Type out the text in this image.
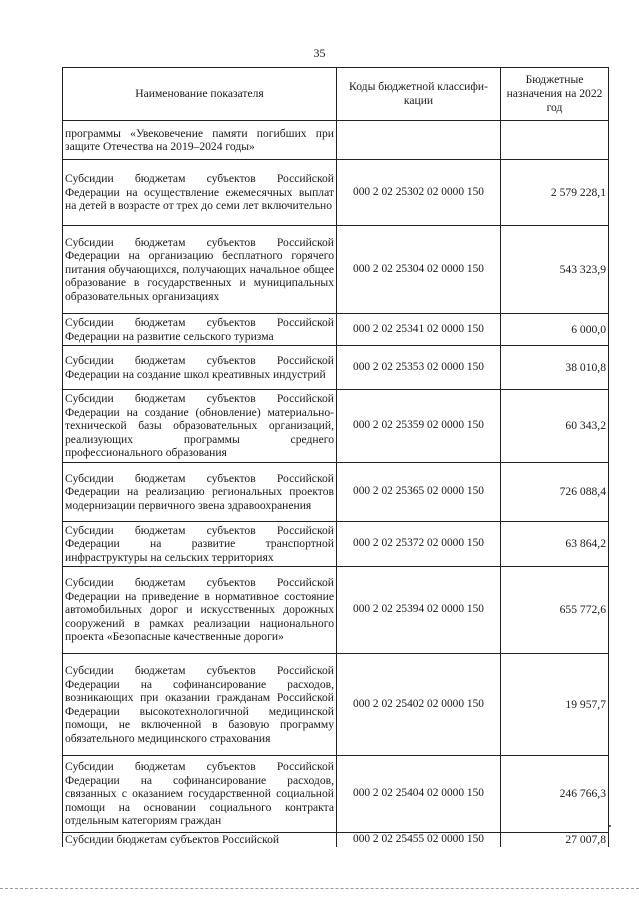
35
Наименование показателя	Коды бюджетной классифи-кации	Бюджетные назначения на 2022 год
программы «Увековечение памяти погибших при защите Отечества на 2019–2024 годы»		
Субсидии бюджетам субъектов Российской Федерации на осуществление ежемесячных выплат на детей в возрасте от трех до семи лет включительно	000 2 02 25302 02 0000 150	2 579 228,1
Субсидии бюджетам субъектов Российской Федерации на организацию бесплатного горячего питания обучающихся, получающих начальное общее образование в государственных и муниципальных образовательных организациях	000 2 02 25304 02 0000 150	543 323,9
Субсидии бюджетам субъектов Российской Федерации на развитие сельского туризма	000 2 02 25341 02 0000 150	6 000,0
Субсидии бюджетам субъектов Российской Федерации на создание школ креативных индустрий	000 2 02 25353 02 0000 150	38 010,8
Субсидии бюджетам субъектов Российской Федерации на создание (обновление) материально-технической базы образовательных организаций, реализующих программы среднего профессионального образования	000 2 02 25359 02 0000 150	60 343,2
Субсидии бюджетам субъектов Российской Федерации на реализацию региональных проектов модернизации первичного звена здравоохранения	000 2 02 25365 02 0000 150	726 088,4
Субсидии бюджетам субъектов Российской Федерации на развитие транспортной инфраструктуры на сельских территориях	000 2 02 25372 02 0000 150	63 864,2
Субсидии бюджетам субъектов Российской Федерации на приведение в нормативное состояние автомобильных дорог и искусственных дорожных сооружений в рамках реализации национального проекта «Безопасные качественные дороги»	000 2 02 25394 02 0000 150	655 772,6
Субсидии бюджетам субъектов Российской Федерации на софинансирование расходов, возникающих при оказании гражданам Российской Федерации высокотехнологичной медицинской помощи, не включенной в базовую программу обязательного медицинского страхования	000 2 02 25402 02 0000 150	19 957,7
Субсидии бюджетам субъектов Российской Федерации на софинансирование расходов, связанных с оказанием государственной социальной помощи на основании социального контракта отдельным категориям граждан	000 2 02 25404 02 0000 150	246 766,3
Субсидии бюджетам субъектов Российской	000 2 02 25455 02 0000 150	27 007,8
